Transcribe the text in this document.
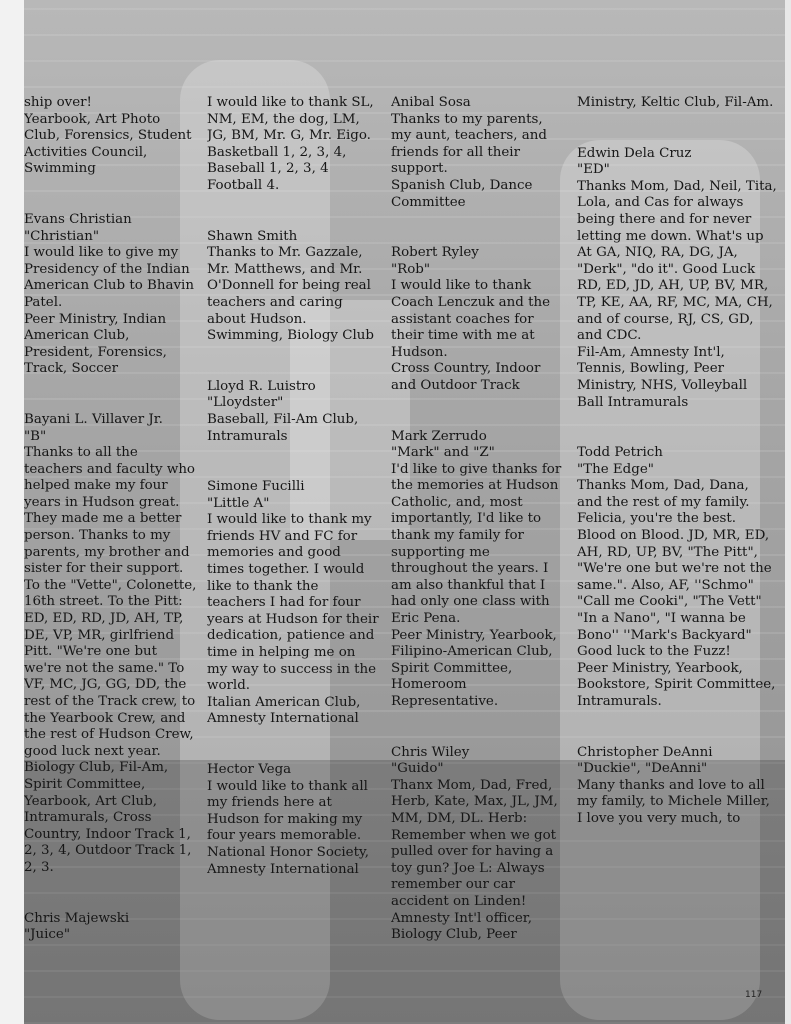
ship over!
Yearbook, Art Photo Club, Forensics, Student Activities Council, Swimming

Evans Christian

"Christian"

I would like to give my Presidency of the Indian American Club to Bhavin Patel.
Peer Ministry, Indian American Club, President, Forensics, Track, Soccer

Bayani L. Villaver Jr.

"B"

Thanks to all the teachers and faculty who helped make my four years in Hudson great. They made me a better person. Thanks to my parents, my brother and sister for their support. To the "Vette", Colonette, 16th street. To the Pitt: ED, ED, RD, JD, AH, TP, DE, VP, MR, girlfriend Pitt. "We're one but we're not the same." To VF, MC, JG, GG, DD, the rest of the Track crew, to the Yearbook Crew, and the rest of Hudson Crew, good luck next year.
Biology Club, Fil-Am, Spirit Committee, Yearbook, Art Club, Intramurals, Cross Country, Indoor Track 1, 2, 3, 4, Outdoor Track 1, 2, 3.

Chris Majewski

"Juice"

I would like to thank SL, NM, EM, the dog, LM, JG, BM, Mr. G, Mr. Eigo.
Basketball 1, 2, 3, 4, Baseball 1, 2, 3, 4 Football 4.

Shawn Smith

Thanks to Mr. Gazzale, Mr. Matthews, and Mr. O'Donnell for being real teachers and caring about Hudson.
Swimming, Biology Club

Lloyd R. Luistro

"Lloydster"

Baseball, Fil-Am Club, Intramurals

Simone Fucilli

"Little A"

I would like to thank my friends HV and FC for memories and good times together. I would like to thank the teachers I had for four years at Hudson for their dedication, patience and time in helping me on my way to success in the world.
Italian American Club, Amnesty International

Hector Vega

I would like to thank all my friends here at Hudson for making my four years memorable.
National Honor Society, Amnesty International

Anibal Sosa

Thanks to my parents, my aunt, teachers, and friends for all their support.
Spanish Club, Dance Committee

Robert Ryley

"Rob"

I would like to thank Coach Lenczuk and the assistant coaches for their time with me at Hudson.
Cross Country, Indoor and Outdoor Track

Mark Zerrudo

"Mark" and "Z"

I'd like to give thanks for the memories at Hudson Catholic, and, most importantly, I'd like to thank my family for supporting me throughout the years. I am also thankful that I had only one class with Eric Pena.
Peer Ministry, Yearbook, Filipino-American Club, Spirit Committee, Homeroom Representative.

Chris Wiley

"Guido"

Thanx Mom, Dad, Fred, Herb, Kate, Max, JL, JM, MM, DM, DL. Herb: Remember when we got pulled over for having a toy gun? Joe L: Always remember our car accident on Linden!
Amnesty Int'l officer, Biology Club, Peer

Ministry, Keltic Club, Fil-Am.

Edwin Dela Cruz

"ED"

Thanks Mom, Dad, Neil, Tita, Lola, and Cas for always being there and for never letting me down. What's up At GA, NIQ, RA, DG, JA, "Derk", "do it". Good Luck RD, ED, JD, AH, UP, BV, MR, TP, KE, AA, RF, MC, MA, CH, and of course, RJ, CS, GD, and CDC.
Fil-Am, Amnesty Int'l, Tennis, Bowling, Peer Ministry, NHS, Volleyball Ball Intramurals

Todd Petrich

"The Edge"

Thanks Mom, Dad, Dana, and the rest of my family. Felicia, you're the best. Blood on Blood. JD, MR, ED, AH, RD, UP, BV, "The Pitt", "We're one but we're not the same.". Also, AF, ''Schmo" "Call me Cooki", "The Vett" "In a Nano", "I wanna be Bono'' ''Mark's Backyard" Good luck to the Fuzz!
Peer Ministry, Yearbook, Bookstore, Spirit Committee, Intramurals.

Christopher DeAnni

"Duckie", "DeAnni"

Many thanks and love to all my family, to Michele Miller, I love you very much, to

117
